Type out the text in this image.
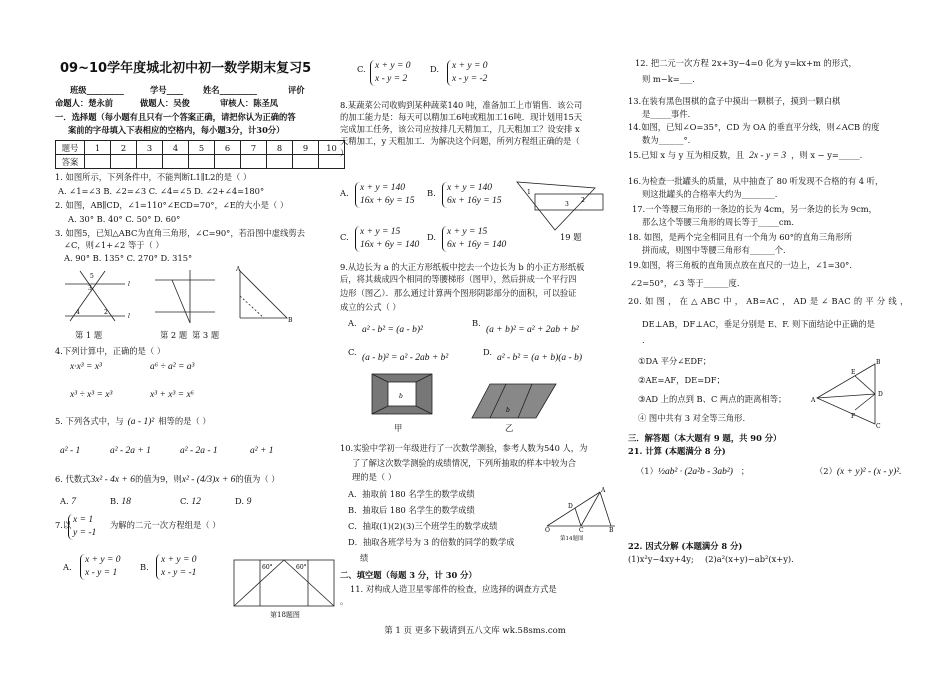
09~10学年度城北初中初一数学期末复习5
班级_________	学号____ 姓名_________	评价
命题人：楚永前	做题人：吴俊	审核人：陈圣凤
一．选择题（每小题有且只有一个答案正确，请把你认为正确的答
案前的字母填入下表相应的空格内，每小题3分，计30分）
题号	1	2	3	4	5	6	7	8	9	10
答案										
1. 如图所示，下列条件中，不能判断L1∥L2的是（ ）
A. ∠1=∠3 B. ∠2=∠3 C. ∠4=∠5 D. ∠2+∠4=180°
2. 如图，AB∥CD，∠1=110°∠ECD=70°，∠E的大小是（ ）
A. 30° B. 40° C. 50° D. 60°
3. 如图5，已知△ABC为直角三角形，∠C=90°，若沿图中虚线剪去
∠C，则∠1+∠2 等于（ ）
A. 90° B. 135° C. 270° D. 315°
l
l
5
3
4	2
A
B
第 1 题	第 2 题 第 3 题
4.下列计算中，正确的是（ ）
x·x³ = x³	a⁶ ÷ a² = a³
x³ ÷ x³ = x³	x³ + x³ = x⁶
5. 下列各式中，与 (a - 1)² 相等的是（ ）
a² - 1	a² - 2a + 1	a² - 2a - 1	a² + 1
6. 代数式3x² - 4x + 6的值为9，则x² - (4/3)x + 6的值为（ ）
A. 7	B. 18	C. 12	D. 9
7.以 x = 1
y = -1
为解的二元一次方程组是（ ）
A.
x + y = 0
x - y = 1
B.
x + y = 0
x - y = -1
C. x + y = 0
x - y = 2
D. x + y = 0
x - y = -2
60°	60°
第18题图
8.某蔬菜公司收购到某种蔬菜140 吨，准备加工上市销售．该公司
的加工能力是：每天可以精加工6吨或粗加工16吨．现计划用15天
完成加工任务，该公司应按排几天精加工，几天粗加工？设安排 x
天精加工，y 天粗加工．为解决这个问题，所列方程组正确的是（
）
A. x + y = 140
16x + 6y = 15
B. x + y = 140
6x + 16y = 15
C. x + y = 15
16x + 6y = 140
D. x + y = 15
6x + 16y = 140
1
3
2
19 题
9.从边长为 a 的大正方形纸板中挖去一个边长为 b 的小正方形纸板
后，将其裁成四个相同的等腰梯形（图甲），然后拼成一个平行四
边形（图乙）．那么通过计算两个图形阴影部分的面积，可以验证
成立的公式（ ）
A.
a² - b² = (a - b)²
B.
(a + b)² = a² + 2ab + b²
C.
(a - b)² = a² - 2ab + b²
D.
a² - b² = (a + b)(a - b)
b
甲
b
乙
10.实验中学初一年级进行了一次数学测验，参考人数为540 人，为
了了解这次数学测验的成绩情况，下列所抽取的样本中较为合
理的是（ ）
A．抽取前 180 名学生的数学成绩
B．抽取后 180 名学生的数学成绩
C．抽取(1)(2)(3)三个班学生的数学成绩
D．抽取各班学号为 3 的倍数的同学的数学成
绩
O	C	B
A
D
第14题图
二、填空题（每题 3 分，计 30 分）
11. 对构成人造卫星零部件的检查，应选择的调查方式是
。
12. 把二元一次方程 2x+3y−4=0 化为 y=kx+m 的形式，
则 m−k=___.
13.在装有黑色围棋的盒子中摸出一颗棋子，摸到一颗白棋
是_____事件.
14.如图，已知∠O=35°，CD 为 OA 的垂直平分线，则∠ACB 的度
数为______°.
15.已知 x 与 y 互为相反数，且 2x - y = 3 ，则 x − y=_____.
16.为检查一批罐头的质量，从中抽查了 80 听发现不合格的有 4 听，
则这批罐头的合格率大约为________.
17.一个等腰三角形的一条边的长为 4cm，另一条边的长为 9cm，
那么这个等腰三角形的周长等于_____cm.
18. 如图，是两个完全相同且有一个角为 60°的直角三角形所
拼而成，则图中等腰三角形有______个.
19.如图，将三角板的直角顶点放在直尺的一边上，∠1=30°.
∠2=50°，∠3 等于______度.
20. 如 图 ， 在 △ ABC 中 ， AB=AC ， AD 是 ∠ BAC 的 平 分 线 ，
DE⊥AB，DF⊥AC，垂足分别是 E、F. 则下面结论中正确的是
.
①DA 平分∠EDF；
②AE=AF，DE=DF；
③AD 上的点到 B、C 两点的距离相等；
④ 图中共有 3 对全等三角形.
A
B
C
D
E
F
三．解答题（本大题有 9 题，共 90 分）
21. 计算 (本题满分 8 分)
（1）½ab² · (2a²b - 3ab²) ；	（2）(x + y)² - (x - y)².
22. 因式分解 (本题满分 8 分)
(1)x²y−4xy+4y; (2)a²(x+y)−ab²(x+y).
第 1 页 更多下载请到五八文库 wk.58sms.com
